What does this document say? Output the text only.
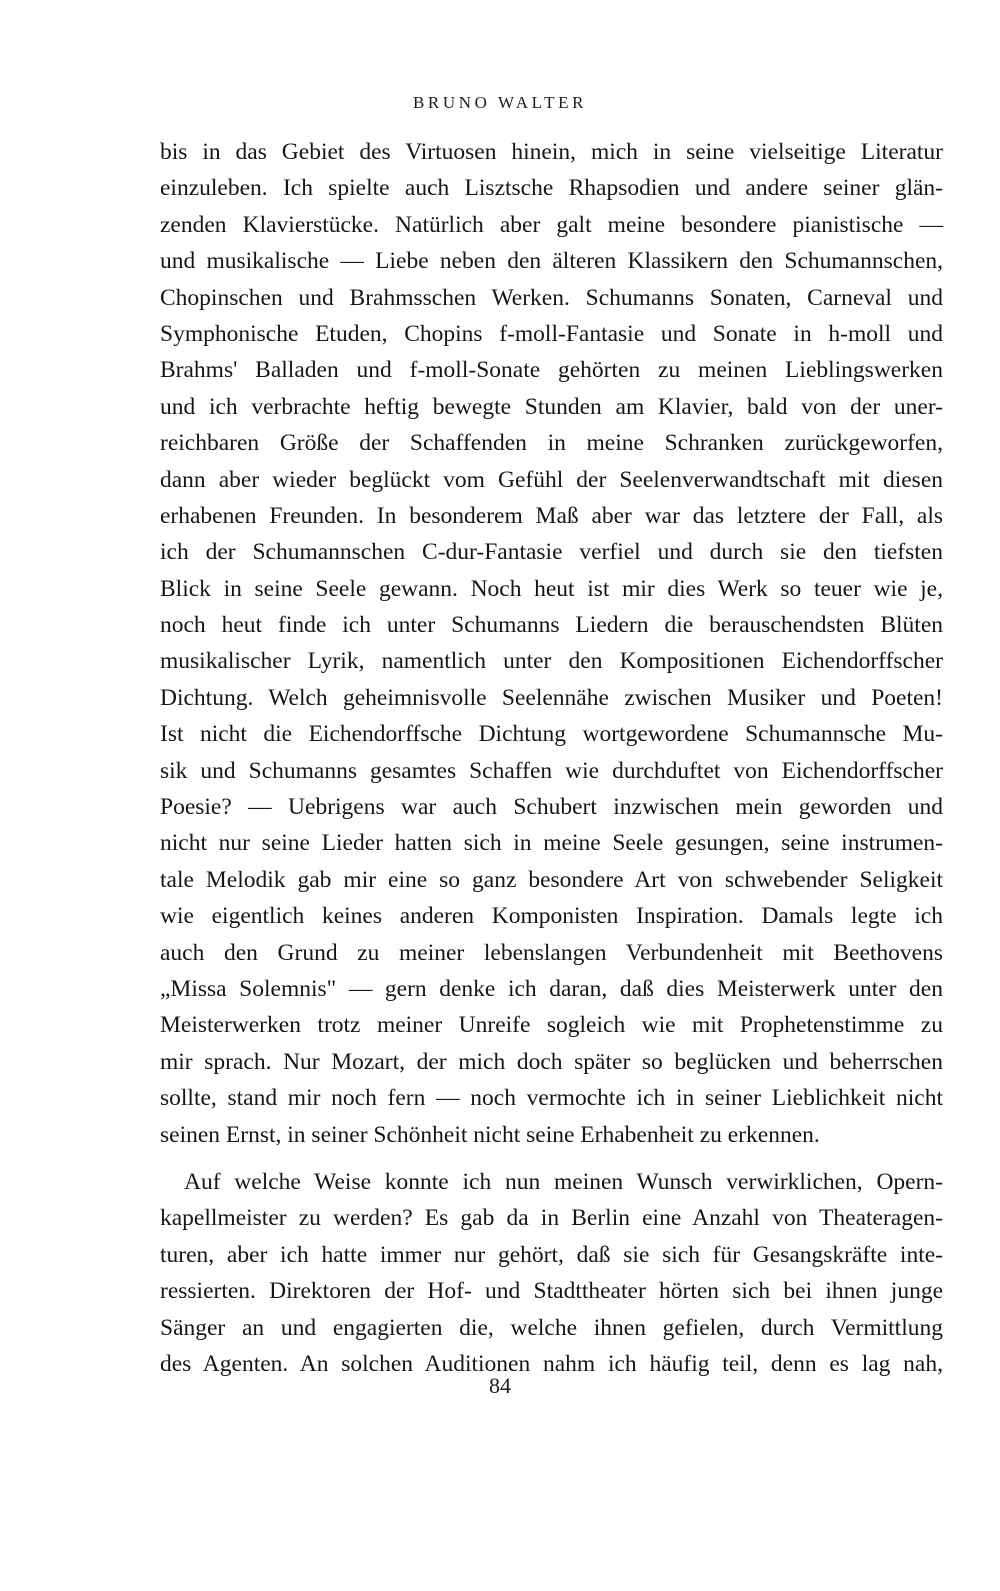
BRUNO WALTER
bis in das Gebiet des Virtuosen hinein, mich in seine vielseitige Literatur
einzuleben. Ich spielte auch Lisztsche Rhapsodien und andere seiner glän-
zenden Klavierstücke. Natürlich aber galt meine besondere pianistische —
und musikalische — Liebe neben den älteren Klassikern den Schumannschen,
Chopinschen und Brahmsschen Werken. Schumanns Sonaten, Carneval und
Symphonische Etuden, Chopins f-moll-Fantasie und Sonate in h-moll und
Brahms' Balladen und f-moll-Sonate gehörten zu meinen Lieblingswerken
und ich verbrachte heftig bewegte Stunden am Klavier, bald von der uner-
reichbaren Größe der Schaffenden in meine Schranken zurückgeworfen,
dann aber wieder beglückt vom Gefühl der Seelenverwandtschaft mit diesen
erhabenen Freunden. In besonderem Maß aber war das letztere der Fall, als
ich der Schumannschen C-dur-Fantasie verfiel und durch sie den tiefsten
Blick in seine Seele gewann. Noch heut ist mir dies Werk so teuer wie je,
noch heut finde ich unter Schumanns Liedern die berauschendsten Blüten
musikalischer Lyrik, namentlich unter den Kompositionen Eichendorffscher
Dichtung. Welch geheimnisvolle Seelennähe zwischen Musiker und Poeten!
Ist nicht die Eichendorffsche Dichtung wortgewordene Schumannsche Mu-
sik und Schumanns gesamtes Schaffen wie durchduftet von Eichendorffscher
Poesie? — Uebrigens war auch Schubert inzwischen mein geworden und
nicht nur seine Lieder hatten sich in meine Seele gesungen, seine instrumen-
tale Melodik gab mir eine so ganz besondere Art von schwebender Seligkeit
wie eigentlich keines anderen Komponisten Inspiration. Damals legte ich
auch den Grund zu meiner lebenslangen Verbundenheit mit Beethovens
„Missa Solemnis" — gern denke ich daran, daß dies Meisterwerk unter den
Meisterwerken trotz meiner Unreife sogleich wie mit Prophetenstimme zu
mir sprach. Nur Mozart, der mich doch später so beglücken und beherrschen
sollte, stand mir noch fern — noch vermochte ich in seiner Lieblichkeit nicht
seinen Ernst, in seiner Schönheit nicht seine Erhabenheit zu erkennen.
Auf welche Weise konnte ich nun meinen Wunsch verwirklichen, Opern-
kapellmeister zu werden? Es gab da in Berlin eine Anzahl von Theateragen-
turen, aber ich hatte immer nur gehört, daß sie sich für Gesangskräfte inte-
ressierten. Direktoren der Hof- und Stadttheater hörten sich bei ihnen junge
Sänger an und engagierten die, welche ihnen gefielen, durch Vermittlung
des Agenten. An solchen Auditionen nahm ich häufig teil, denn es lag nah,
84
